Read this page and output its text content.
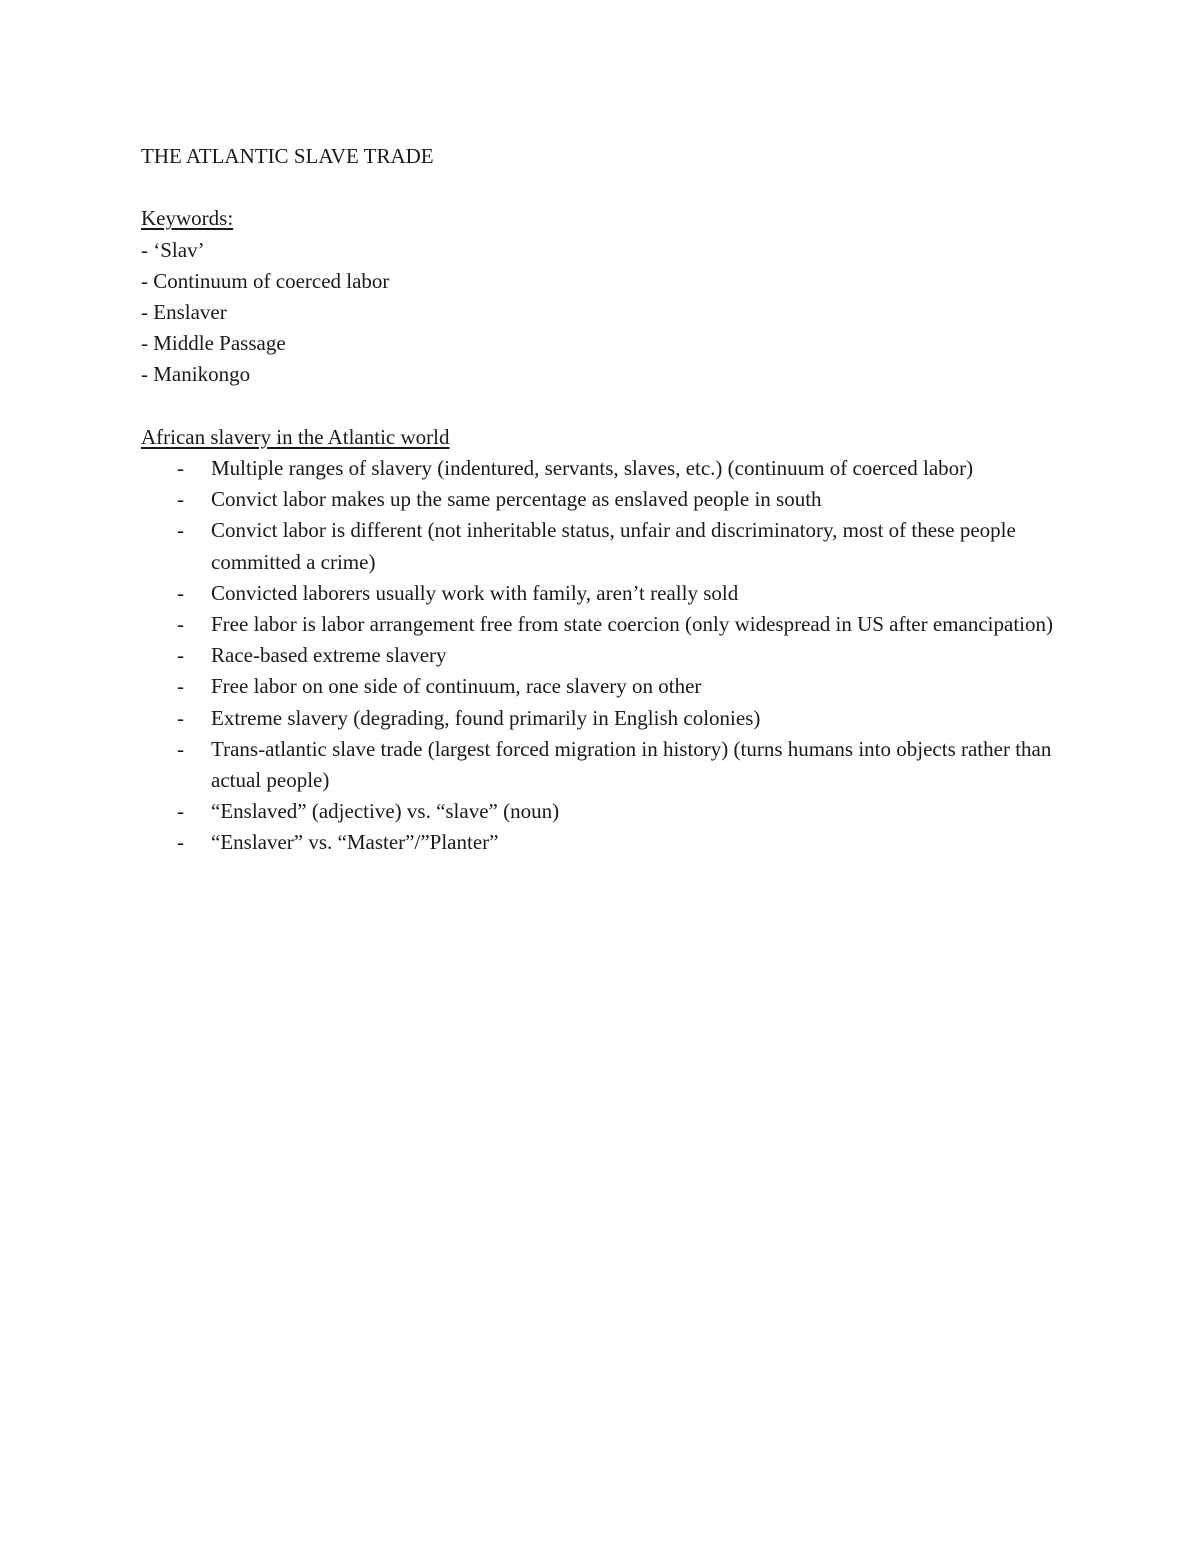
THE ATLANTIC SLAVE TRADE

Keywords:

- ‘Slav’
- Continuum of coerced labor
- Enslaver
- Middle Passage
- Manikongo

African slavery in the Atlantic world

- Multiple ranges of slavery (indentured, servants, slaves, etc.) (continuum of coerced labor)
- Convict labor makes up the same percentage as enslaved people in south
- Convict labor is different (not inheritable status, unfair and discriminatory, most of these people committed a crime)
- Convicted laborers usually work with family, aren’t really sold
- Free labor is labor arrangement free from state coercion (only widespread in US after emancipation)
- Race-based extreme slavery
- Free labor on one side of continuum, race slavery on other
- Extreme slavery (degrading, found primarily in English colonies)
- Trans-atlantic slave trade (largest forced migration in history) (turns humans into objects rather than actual people)
- “Enslaved” (adjective) vs. “slave” (noun)
- “Enslaver” vs. “Master”/”Planter”
